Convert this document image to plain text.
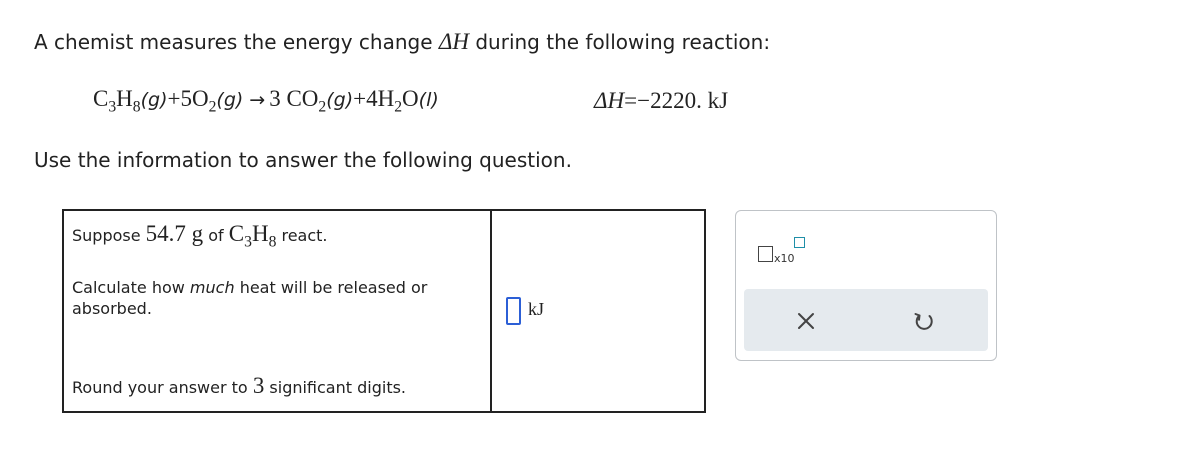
A chemist measures the energy change ΔH during the following reaction:
$C_3H_8(g)+5O_2(g) \to 3$ $CO_2(g)+4H_2O(l)$	ΔH=−2220. kJ
Use the information to answer the following question.
Suppose 54.7 g of $C_3H_8$ react.
Calculate how much heat will be released or absorbed.
Round your answer to 3 significant digits.
kJ
x10
